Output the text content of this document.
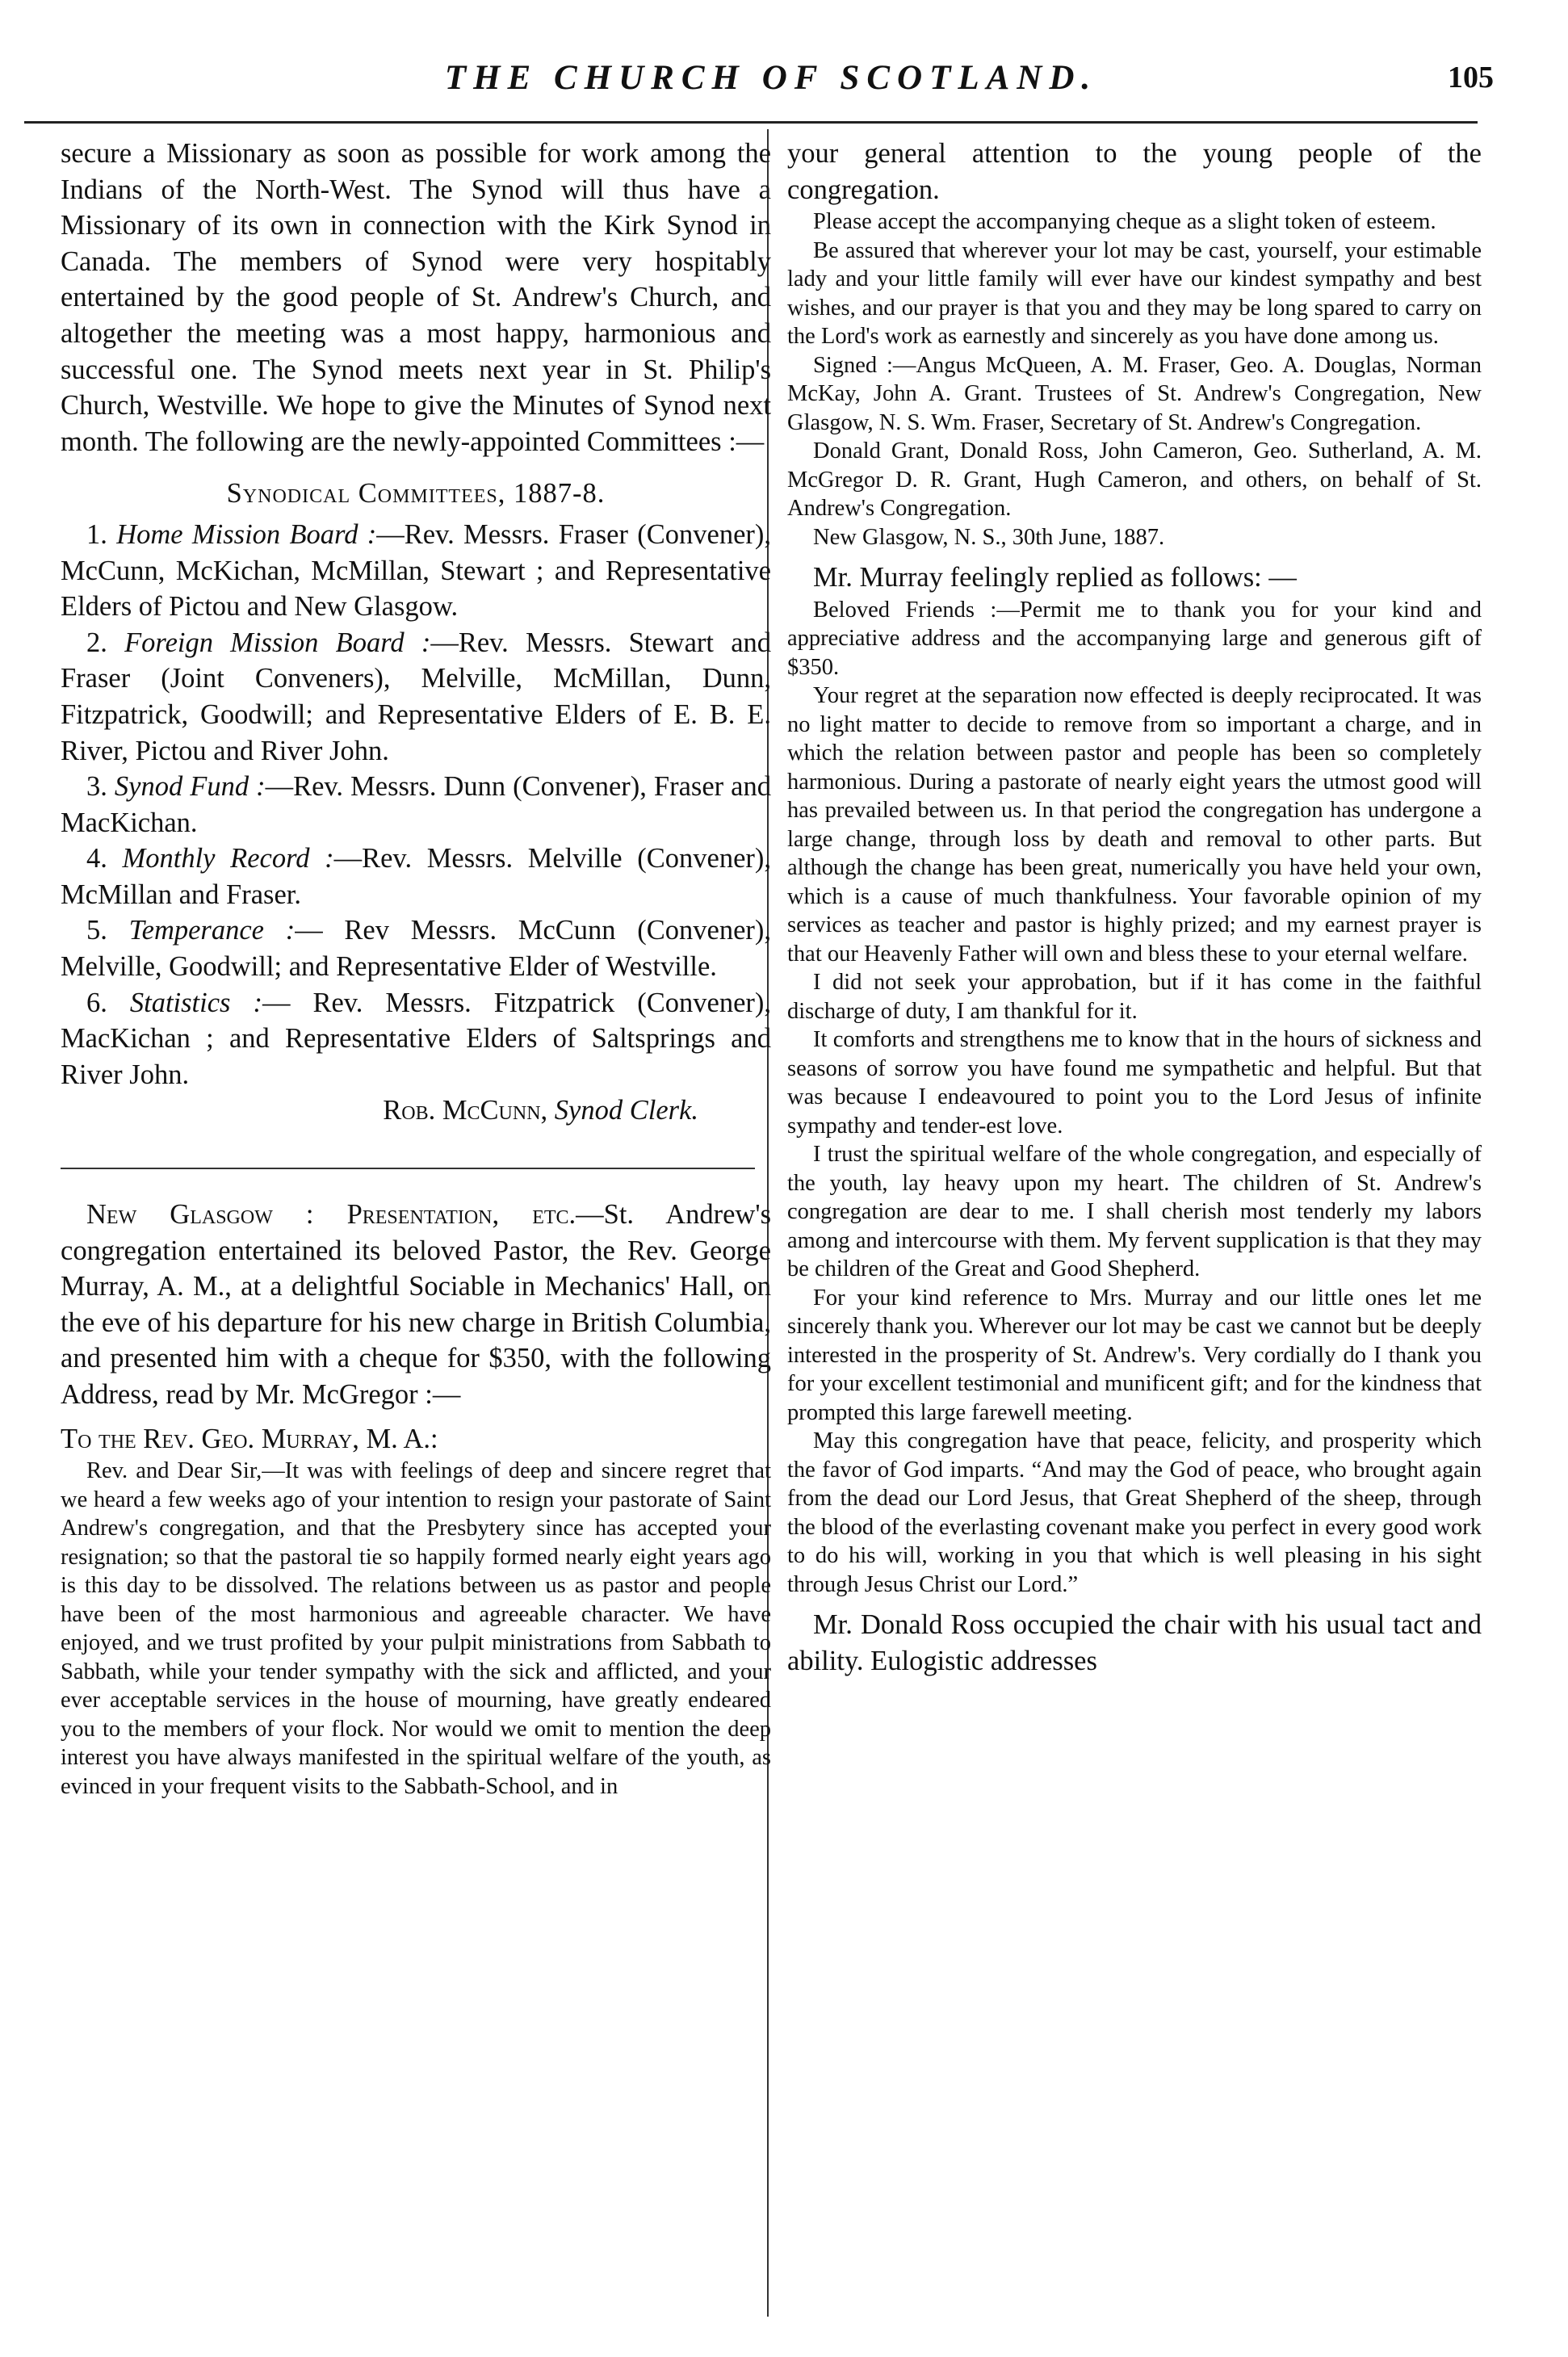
THE CHURCH OF SCOTLAND.	105

secure a Missionary as soon as possible for work among the Indians of the North-West. The Synod will thus have a Missionary of its own in connection with the Kirk Synod in Canada. The members of Synod were very hospitably entertained by the good people of St. Andrew's Church, and altogether the meeting was a most happy, harmonious and successful one. The Synod meets next year in St. Philip's Church, Westville. We hope to give the Minutes of Synod next month. The following are the newly-appointed Committees :—

Synodical Committees, 1887-8.

1. Home Mission Board :—Rev. Messrs. Fraser (Convener), McCunn, McKichan, McMillan, Stewart ; and Representative Elders of Pictou and New Glasgow.

2. Foreign Mission Board :—Rev. Messrs. Stewart and Fraser (Joint Conveners), Melville, McMillan, Dunn, Fitzpatrick, Goodwill; and Representative Elders of E. B. E. River, Pictou and River John.

3. Synod Fund :—Rev. Messrs. Dunn (Convener), Fraser and MacKichan.

4. Monthly Record :—Rev. Messrs. Melville (Convener), McMillan and Fraser.

5. Temperance :— Rev Messrs. McCunn (Convener), Melville, Goodwill; and Representative Elder of Westville.

6. Statistics :— Rev. Messrs. Fitzpatrick (Convener), MacKichan ; and Representative Elders of Saltsprings and River John.

Rob. McCunn, Synod Clerk.

New Glasgow : Presentation, etc.—St. Andrew's congregation entertained its beloved Pastor, the Rev. George Murray, A. M., at a delightful Sociable in Mechanics' Hall, on the eve of his departure for his new charge in British Columbia, and presented him with a cheque for $350, with the following Address, read by Mr. McGregor :—

To the Rev. Geo. Murray, M. A.:

Rev. and Dear Sir,—It was with feelings of deep and sincere regret that we heard a few weeks ago of your intention to resign your pastorate of Saint Andrew's congregation, and that the Presbytery since has accepted your resignation; so that the pastoral tie so happily formed nearly eight years ago is this day to be dissolved. The relations between us as pastor and people have been of the most harmonious and agreeable character. We have enjoyed, and we trust profited by your pulpit ministrations from Sabbath to Sabbath, while your tender sympathy with the sick and afflicted, and your ever acceptable services in the house of mourning, have greatly endeared you to the members of your flock. Nor would we omit to mention the deep interest you have always manifested in the spiritual welfare of the youth, as evinced in your frequent visits to the Sabbath-School, and in

your general attention to the young people of the congregation.

Please accept the accompanying cheque as a slight token of esteem.

Be assured that wherever your lot may be cast, yourself, your estimable lady and your little family will ever have our kindest sympathy and best wishes, and our prayer is that you and they may be long spared to carry on the Lord's work as earnestly and sincerely as you have done among us.

Signed :—Angus McQueen, A. M. Fraser, Geo. A. Douglas, Norman McKay, John A. Grant. Trustees of St. Andrew's Congregation, New Glasgow, N. S. Wm. Fraser, Secretary of St. Andrew's Congregation.

Donald Grant, Donald Ross, John Cameron, Geo. Sutherland, A. M. McGregor D. R. Grant, Hugh Cameron, and others, on behalf of St. Andrew's Congregation.

New Glasgow, N. S., 30th June, 1887.

Mr. Murray feelingly replied as follows: —

Beloved Friends :—Permit me to thank you for your kind and appreciative address and the accompanying large and generous gift of $350.

Your regret at the separation now effected is deeply reciprocated. It was no light matter to decide to remove from so important a charge, and in which the relation between pastor and people has been so completely harmonious. During a pastorate of nearly eight years the utmost good will has prevailed between us. In that period the congregation has undergone a large change, through loss by death and removal to other parts. But although the change has been great, numerically you have held your own, which is a cause of much thankfulness. Your favorable opinion of my services as teacher and pastor is highly prized; and my earnest prayer is that our Heavenly Father will own and bless these to your eternal welfare.

I did not seek your approbation, but if it has come in the faithful discharge of duty, I am thankful for it.

It comforts and strengthens me to know that in the hours of sickness and seasons of sorrow you have found me sympathetic and helpful. But that was because I endeavoured to point you to the Lord Jesus of infinite sympathy and tender-est love.

I trust the spiritual welfare of the whole congregation, and especially of the youth, lay heavy upon my heart. The children of St. Andrew's congregation are dear to me. I shall cherish most tenderly my labors among and intercourse with them. My fervent supplication is that they may be children of the Great and Good Shepherd.

For your kind reference to Mrs. Murray and our little ones let me sincerely thank you. Wherever our lot may be cast we cannot but be deeply interested in the prosperity of St. Andrew's. Very cordially do I thank you for your excellent testimonial and munificent gift; and for the kindness that prompted this large farewell meeting.

May this congregation have that peace, felicity, and prosperity which the favor of God imparts. “And may the God of peace, who brought again from the dead our Lord Jesus, that Great Shepherd of the sheep, through the blood of the everlasting covenant make you perfect in every good work to do his will, working in you that which is well pleasing in his sight through Jesus Christ our Lord.”

Mr. Donald Ross occupied the chair with his usual tact and ability. Eulogistic addresses
